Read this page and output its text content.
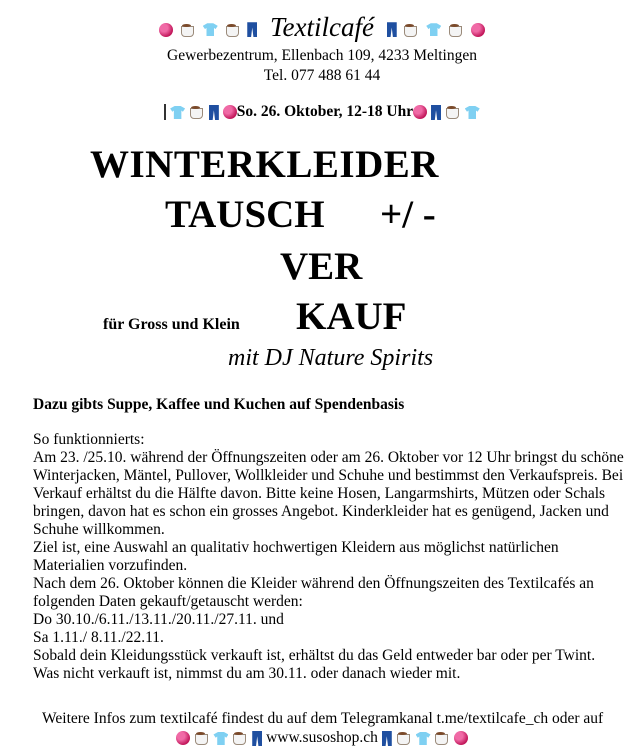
Textilcafé
Gewerbezentrum, Ellenbach 109, 4233 Meltingen
Tel. 077 488 61 44
So. 26. Oktober, 12-18 Uhr
WINTERKLEIDER
TAUSCH +/ -
VER
für Gross und Klein KAUF
mit DJ Nature Spirits
Dazu gibts Suppe, Kaffee und Kuchen auf Spendenbasis

So funktionnierts:

Am 23. /25.10. während der Öffnungszeiten oder am 26. Oktober vor 12 Uhr bringst du schöne Winterjacken, Mäntel, Pullover, Wollkleider und Schuhe und bestimmst den Verkaufspreis. Bei Verkauf erhältst du die Hälfte davon. Bitte keine Hosen, Langarmshirts, Mützen oder Schals bringen, davon hat es schon ein grosses Angebot. Kinderkleider hat es genügend, Jacken und Schuhe willkommen.

Ziel ist, eine Auswahl an qualitativ hochwertigen Kleidern aus möglichst natürlichen Materialien vorzufinden.

Nach dem 26. Oktober können die Kleider während den Öffnungszeiten des Textilcafés an folgenden Daten gekauft/getauscht werden:

Do 30.10./6.11./13.11./20.11./27.11. und

Sa 1.11./ 8.11./22.11.

Sobald dein Kleidungsstück verkauft ist, erhältst du das Geld entweder bar oder per Twint.

Was nicht verkauft ist, nimmst du am 30.11. oder danach wieder mit.

Weitere Infos zum textilcafé findest du auf dem Telegramkanal t.me/textilcafe_ch oder auf
www.susoshop.ch
